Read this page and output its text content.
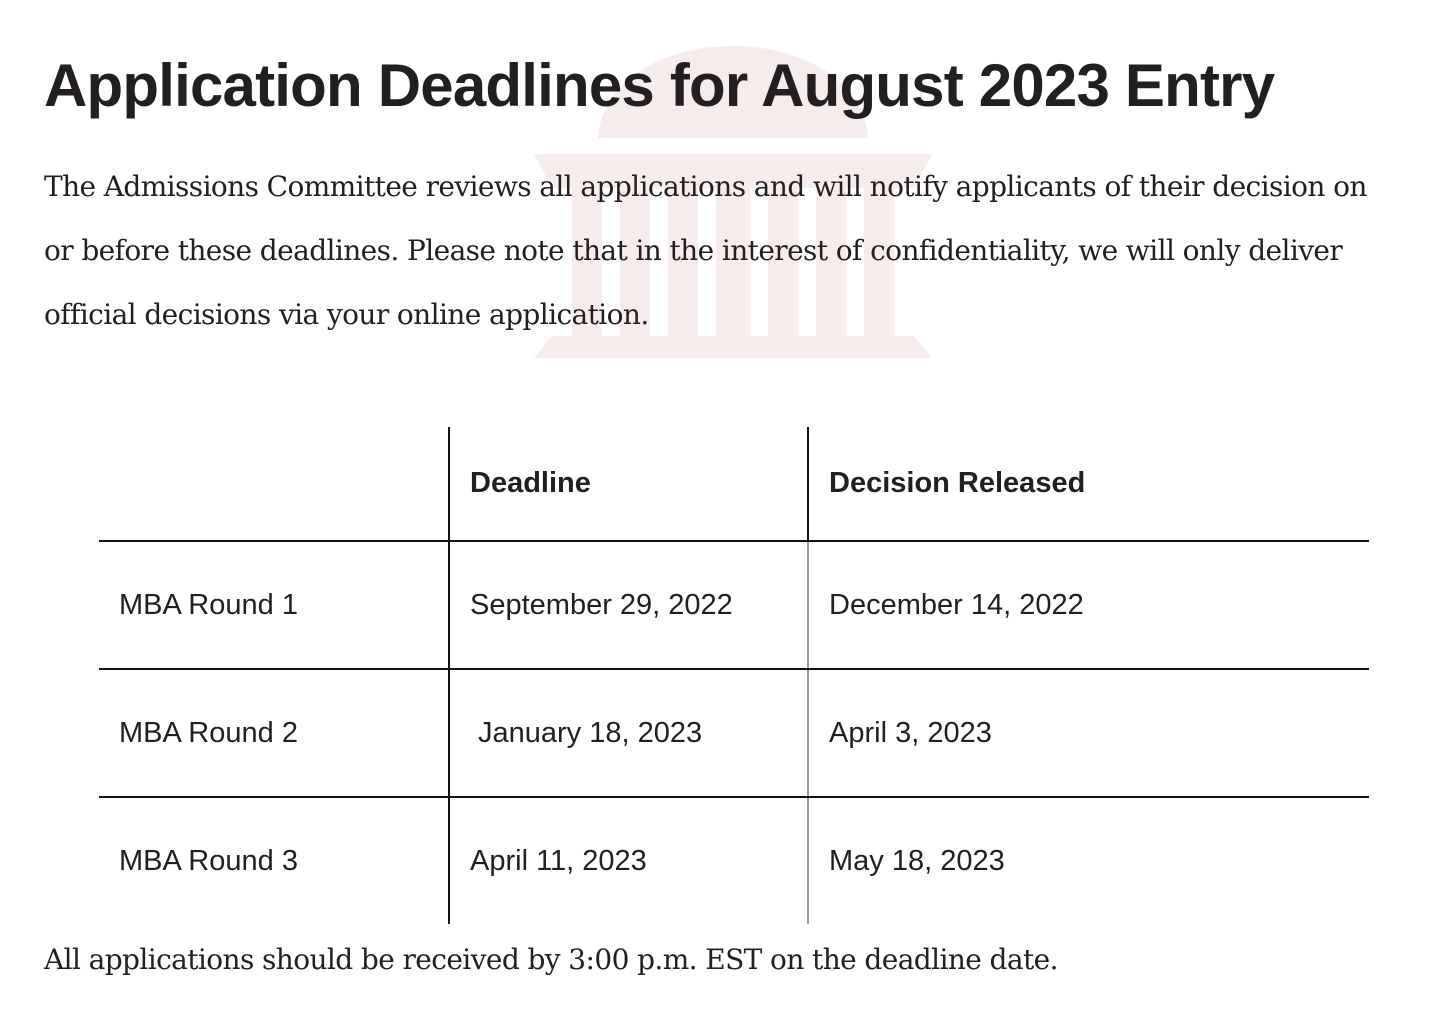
Application Deadlines for August 2023 Entry

The Admissions Committee reviews all applications and will notify applicants of their decision on or before these deadlines. Please note that in the interest of confidentiality, we will only deliver official decisions via your online application.

	Deadline	Decision Released
MBA Round 1	September 29, 2022	December 14, 2022
MBA Round 2	January 18, 2023	April 3, 2023
MBA Round 3	April 11, 2023	May 18, 2023

All applications should be received by 3:00 p.m. EST on the deadline date.
